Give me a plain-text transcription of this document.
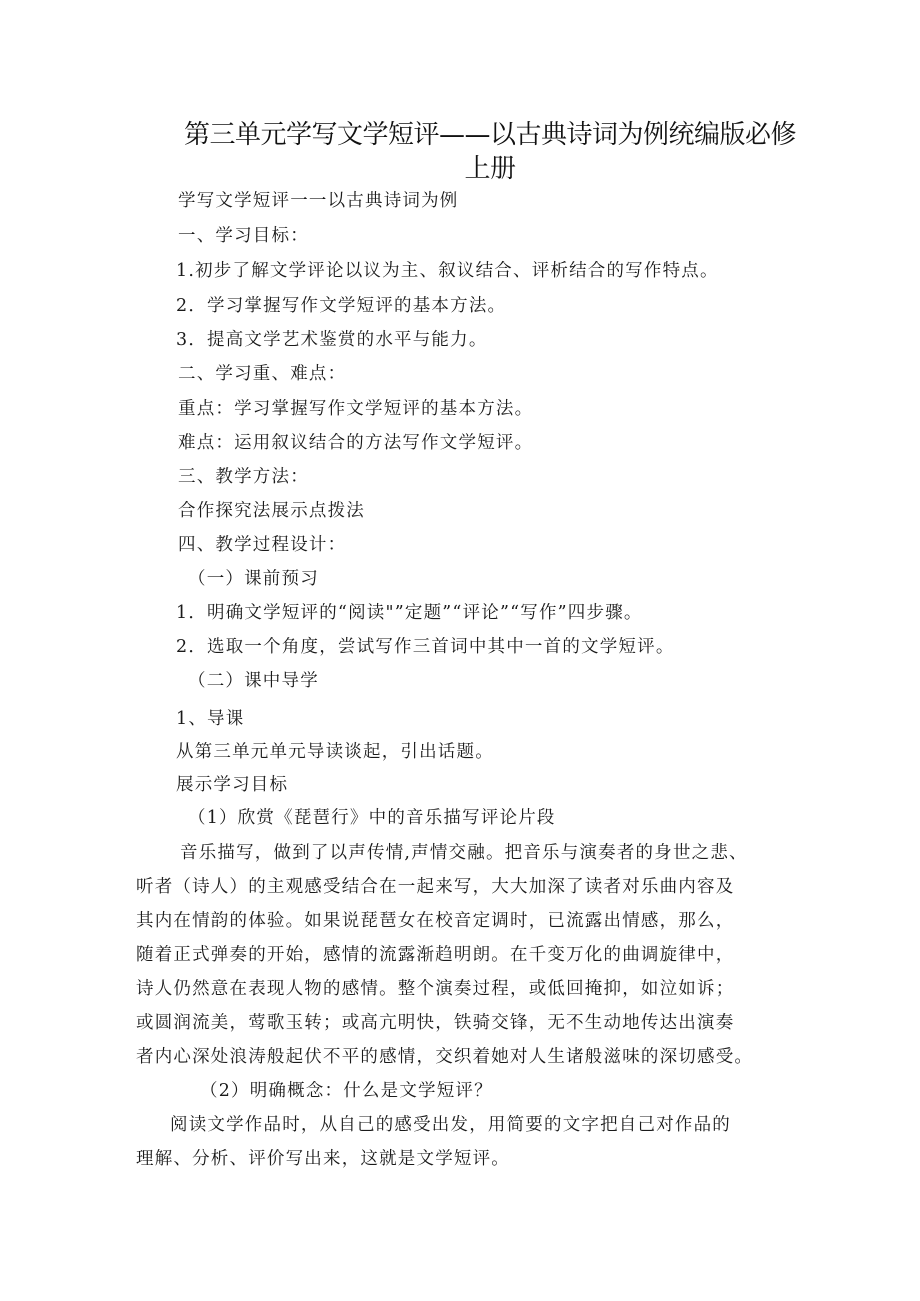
第三单元学写文学短评——以古典诗词为例统编版必修
上册
学写文学短评一一以古典诗词为例
一、学习目标：
1.初步了解文学评论以议为主、叙议结合、评析结合的写作特点。
2．学习掌握写作文学短评的基本方法。
3．提高文学艺术鉴赏的水平与能力。
二、学习重、难点：
重点：学习掌握写作文学短评的基本方法。
难点：运用叙议结合的方法写作文学短评。
三、教学方法：
合作探究法展示点拨法
四、教学过程设计：
（一）课前预习
1．明确文学短评的“阅读"”定题”“评论”“写作”四步骤。
2．选取一个角度，尝试写作三首词中其中一首的文学短评。
（二）课中导学
1、导课
从第三单元单元导读谈起，引出话题。
展示学习目标
（1）欣赏《琵琶行》中的音乐描写评论片段
音乐描写，做到了以声传情,声情交融。把音乐与演奏者的身世之悲、
听者（诗人）的主观感受结合在一起来写，大大加深了读者对乐曲内容及
其内在情韵的体验。如果说琵琶女在校音定调时，已流露出情感，那么，
随着正式弹奏的开始，感情的流露渐趋明朗。在千变万化的曲调旋律中，
诗人仍然意在表现人物的感情。整个演奏过程，或低回掩抑，如泣如诉；
或圆润流美，莺歌玉转；或高亢明快，铁骑交锋，无不生动地传达出演奏
者内心深处浪涛般起伏不平的感情，交织着她对人生诸般滋味的深切感受。
（2）明确概念：什么是文学短评？
阅读文学作品时，从自己的感受出发，用简要的文字把自己对作品的
理解、分析、评价写出来，这就是文学短评。
